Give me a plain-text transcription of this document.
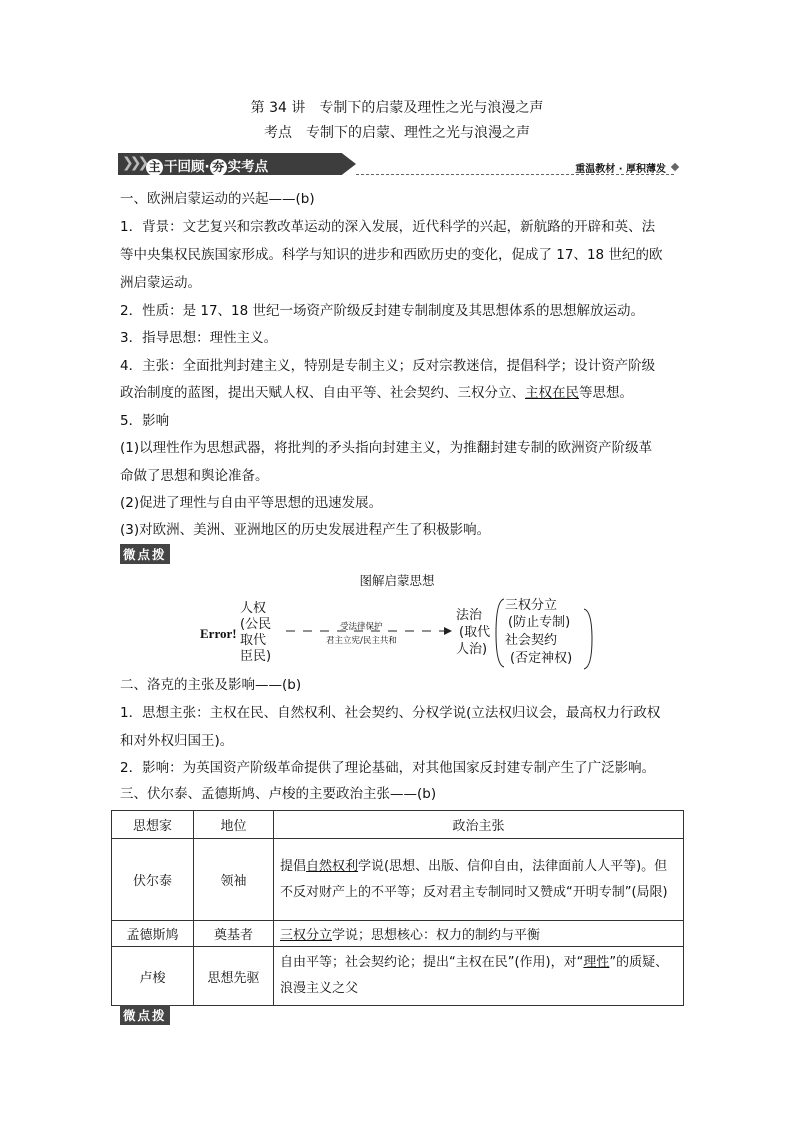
第 34 讲　专制下的启蒙及理性之光与浪漫之声
考点　专制下的启蒙、理性之光与浪漫之声
❯❯❯ 主 干回顾· 夯 实考点	重温教材 · 厚积薄发
一、欧洲启蒙运动的兴起——(b)
1．背景：文艺复兴和宗教改革运动的深入发展，近代科学的兴起，新航路的开辟和英、法
等中央集权民族国家形成。科学与知识的进步和西欧历史的变化，促成了 17、18 世纪的欧
洲启蒙运动。
2．性质：是 17、18 世纪一场资产阶级反封建专制制度及其思想体系的思想解放运动。
3．指导思想：理性主义。
4．主张：全面批判封建主义，特别是专制主义；反对宗教迷信，提倡科学；设计资产阶级
政治制度的蓝图，提出天赋人权、自由平等、社会契约、三权分立、主权在民等思想。
5．影响
(1)以理性作为思想武器，将批判的矛头指向封建主义，为推翻封建专制的欧洲资产阶级革
命做了思想和舆论准备。
(2)促进了理性与自由平等思想的迅速发展。
(3)对欧洲、美洲、亚洲地区的历史发展进程产生了积极影响。
微点拨
图解启蒙思想
Error!
人权
(公民
取代
臣民)
受法律保护
君主立宪/民主共和
法治
(取代
人治)
三权分立
(防止专制)
社会契约
(否定神权)
二、洛克的主张及影响——(b)
1．思想主张：主权在民、自然权利、社会契约、分权学说(立法权归议会，最高权力行政权
和对外权归国王)。
2．影响：为英国资产阶级革命提供了理论基础，对其他国家反封建专制产生了广泛影响。
三、伏尔泰、孟德斯鸠、卢梭的主要政治主张——(b)
思想家	地位	政治主张
伏尔泰	领袖	提倡自然权利学说(思想、出版、信仰自由，法律面前人人平等)。但不反对财产上的不平等；反对君主专制同时又赞成“开明专制”(局限)
孟德斯鸠	奠基者	三权分立学说；思想核心：权力的制约与平衡
卢梭	思想先驱	自由平等；社会契约论；提出“主权在民”(作用)，对“理性”的质疑、浪漫主义之父
微点拨
